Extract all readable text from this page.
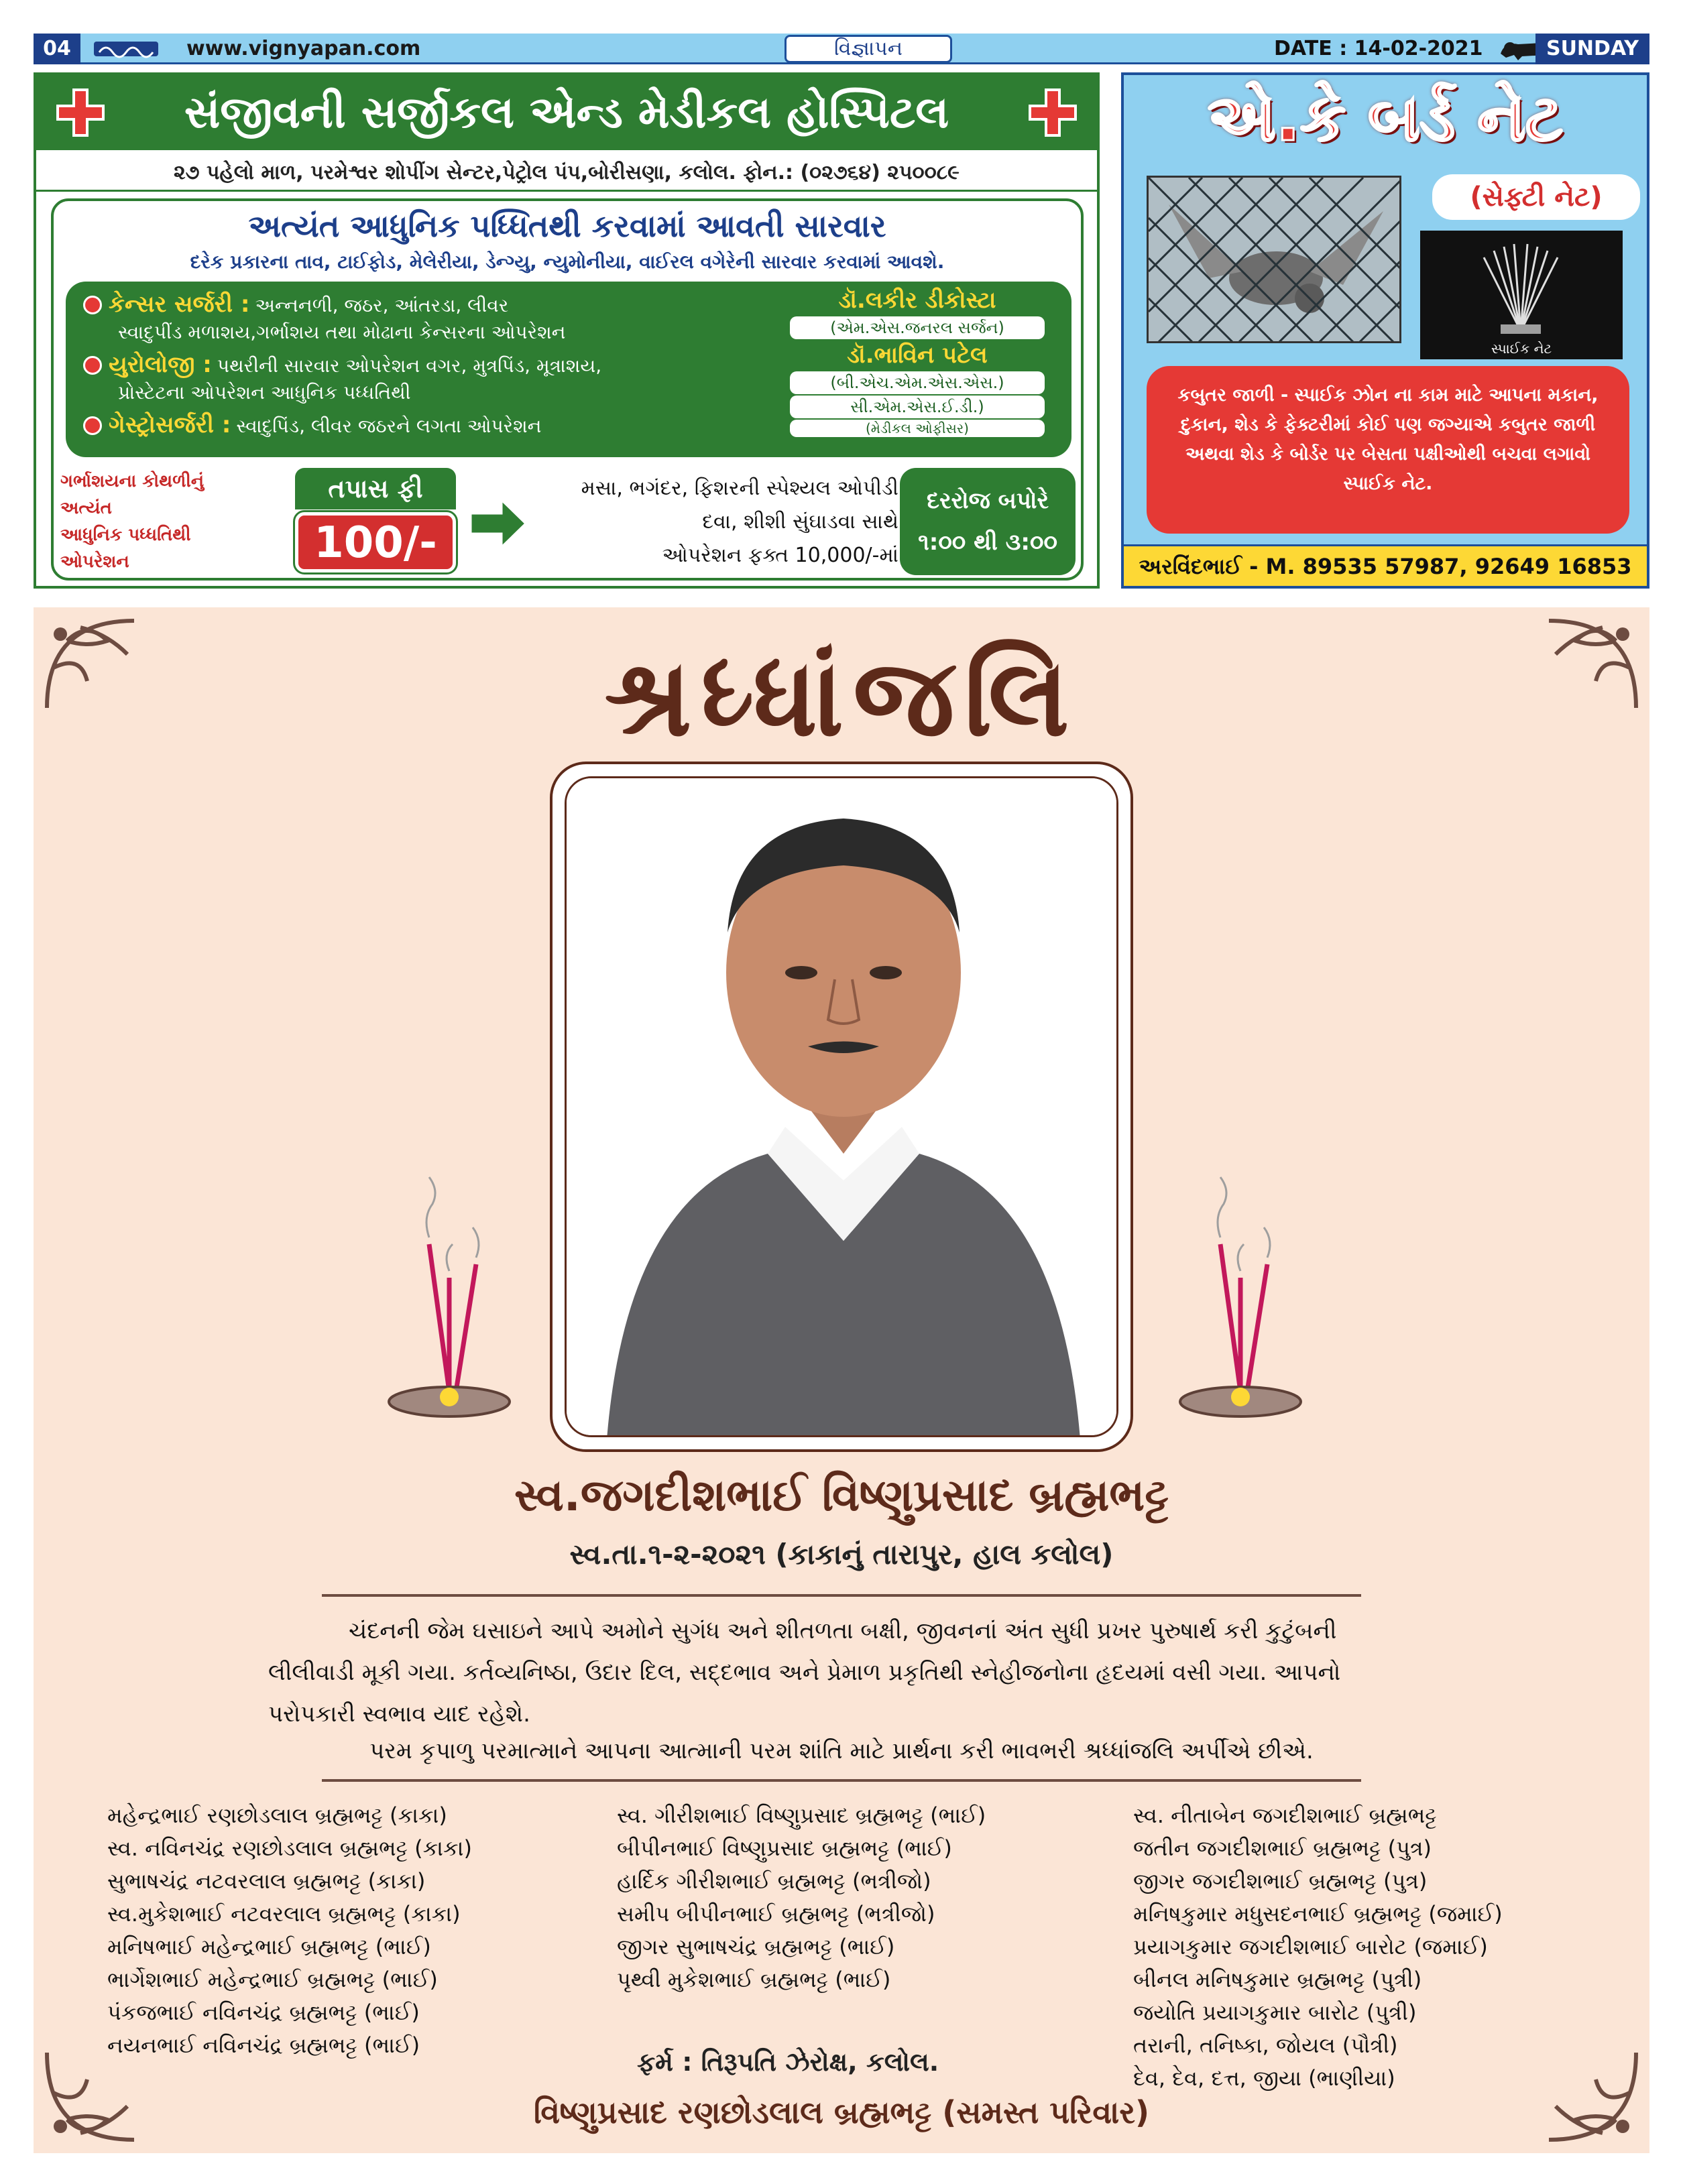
04	www.vignyapan.com	વિજ્ઞાપન	DATE : 14-02-2021	SUNDAY
સંજીવની સર્જીકલ એન્ડ મેડીકલ હોસ્પિટલ
૨૭ પહેલો માળ, પરમેશ્વર શોપીંગ સેન્ટર,પેટ્રોલ પંપ,બોરીસણા, કલોલ. ફોન.: (૦૨૭૬૪) ૨૫૦૦૮૯
અત્યંત આધુનિક પધ્ધિતથી કરવામાં આવતી સારવાર
દરેક પ્રકારના તાવ, ટાઈફોડ, મેલેરીયા, ડેન્ગ્યુ, ન્યુમોનીયા, વાઈરલ વગેરેની સારવાર કરવામાં આવશે.
કેન્સર સર્જરી : અન્નનળી, જઠર, આંતરડા, લીવર
સ્વાદુપીંડ મળાશય,ગર્ભાશય તથા મોઢાના કેન્સરના ઓપરેશન
યુરોલોજી : પથરીની સારવાર ઓપરેશન વગર, મુત્રપિંડ, મૂત્રાશય,
પ્રોસ્ટેટના ઓપરેશન આધુનિક પધ્ધતિથી
ગેસ્ટ્રોસર્જરી : સ્વાદુપિંડ, લીવર જઠરને લગતા ઓપરેશન
ડૉ.લકીર ડીકોસ્ટા
(એમ.એસ.જનરલ સર્જન)
ડૉ.ભાવિન પટેલ
(બી.એચ.એમ.એસ.એસ.)
સી.એમ.એસ.ઈ.ડી.)
(મેડીકલ ઓફીસર)
ગર્ભાશયના કોથળીનું
અત્યંત
આધુનિક પધ્ધતિથી
ઓપરેશન
તપાસ ફી
100/-
મસા, ભગંદર, ફિશરની સ્પેશ્યલ ઓપીડી
દવા, શીશી સુંઘાડવા સાથે
ઓપરેશન ફક્ત 10,000/-માં
દરરોજ બપોરે
૧:૦૦ થી ૩:૦૦
એ.કે બર્ડ નેટ
(સેફ્ટી નેટ)
સ્પાઈક નેટ
કબુતર જાળી - સ્પાઈક ઝોન ના કામ માટે આપના મકાન, દુકાન, શેડ કે ફેક્ટરીમાં કોઈ પણ જગ્યાએ કબુતર જાળી અથવા શેડ કે બોર્ડર પર બેસતા પક્ષીઓથી બચવા લગાવો સ્પાઈક નેટ.
અરવિંદભાઈ - M. 89535 57987, 92649 16853
શ્રધ્ધાંજલિ
સ્વ.જગદીશભાઈ વિષ્ણુપ્રસાદ બ્રહ્મભટ્ટ
સ્વ.તા.૧-૨-૨૦૨૧ (કાકાનું તારાપુર, હાલ કલોલ)

ચંદનની જેમ ઘસાઇને આપે અમોને સુગંધ અને શીતળતા બક્ષી, જીવનનાં અંત સુધી પ્રખર પુરુષાર્થ કરી કુટુંબની લીલીવાડી મૂકી ગયા. કર્તવ્યનિષ્ઠા, ઉદાર દિલ, સદ્દભાવ અને પ્રેમાળ પ્રકૃતિથી સ્નેહીજનોના હૃદયમાં વસી ગયા. આપનો પરોપકારી સ્વભાવ યાદ રહેશે.

પરમ કૃપાળુ પરમાત્માને આપના આત્માની પરમ શાંતિ માટે પ્રાર્થના કરી ભાવભરી શ્રધ્ધાંજલિ અર્પીએ છીએ.
મહેન્દ્રભાઈ રણછોડલાલ બ્રહ્મભટ્ટ (કાકા)
સ્વ. નવિનચંદ્ર રણછોડલાલ બ્રહ્મભટ્ટ (કાકા)
સુભાષચંદ્ર નટવરલાલ બ્રહ્મભટ્ટ (કાકા)
સ્વ.મુકેશભાઈ નટવરલાલ બ્રહ્મભટ્ટ (કાકા)
મનિષભાઈ મહેન્દ્રભાઈ બ્રહ્મભટ્ટ (ભાઈ)
ભાર્ગેશભાઈ મહેન્દ્રભાઈ બ્રહ્મભટ્ટ (ભાઈ)
પંકજભાઈ નવિનચંદ્ર બ્રહ્મભટ્ટ (ભાઈ)
નયનભાઈ નવિનચંદ્ર બ્રહ્મભટ્ટ (ભાઈ)
સ્વ. ગીરીશભાઈ વિષ્ણુપ્રસાદ બ્રહ્મભટ્ટ (ભાઈ)
બીપીનભાઈ વિષ્ણુપ્રસાદ બ્રહ્મભટ્ટ (ભાઈ)
હાર્દિક ગીરીશભાઈ બ્રહ્મભટ્ટ (ભત્રીજો)
સમીપ બીપીનભાઈ બ્રહ્મભટ્ટ (ભત્રીજો)
જીગર સુભાષચંદ્ર બ્રહ્મભટ્ટ (ભાઈ)
પૃથ્વી મુકેશભાઈ બ્રહ્મભટ્ટ (ભાઈ)
સ્વ. નીતાબેન જગદીશભાઈ બ્રહ્મભટ્ટ
જતીન જગદીશભાઈ બ્રહ્મભટ્ટ (પુત્ર)
જીગર જગદીશભાઈ બ્રહ્મભટ્ટ (પુત્ર)
મનિષકુમાર મધુસદનભાઈ બ્રહ્મભટ્ટ (જમાઈ)
પ્રયાગકુમાર જગદીશભાઈ બારોટ (જમાઈ)
બીનલ મનિષકુમાર બ્રહ્મભટ્ટ (પુત્રી)
જયોતિ પ્રયાગકુમાર બારોટ (પુત્રી)
તરાની, તનિષ્કા, જોયલ (પૌત્રી)
દેવ, દેવ, દત્ત, જીયા (ભાણીયા)
ફર્મ : તિરૂપતિ ઝેરોક્ષ, કલોલ.
વિષ્ણુપ્રસાદ રણછોડલાલ બ્રહ્મભટ્ટ (સમસ્ત પરિવાર)
